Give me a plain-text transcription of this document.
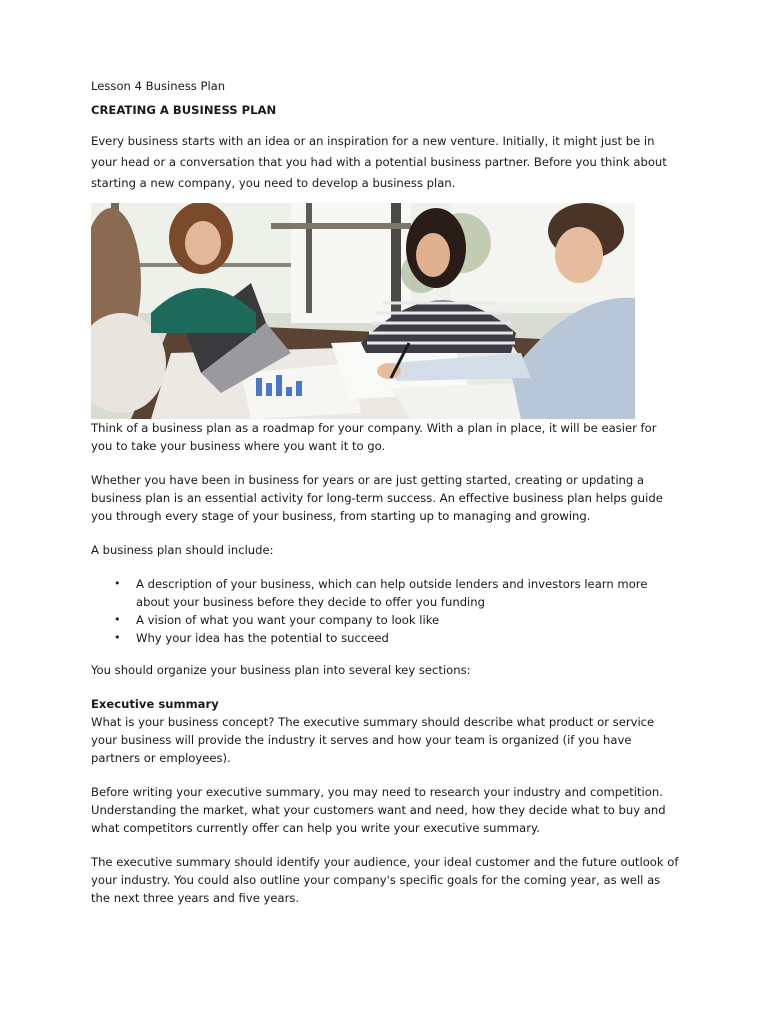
Lesson 4 Business Plan

CREATING A BUSINESS PLAN

Every business starts with an idea or an inspiration for a new venture. Initially, it might just be in your head or a conversation that you had with a potential business partner. Before you think about starting a new company, you need to develop a business plan.

Think of a business plan as a roadmap for your company. With a plan in place, it will be easier for you to take your business where you want it to go.

Whether you have been in business for years or are just getting started, creating or updating a business plan is an essential activity for long-term success. An effective business plan helps guide you through every stage of your business, from starting up to managing and growing.

A business plan should include:

• A description of your business, which can help outside lenders and investors learn more about your business before they decide to offer you funding
• A vision of what you want your company to look like
• Why your idea has the potential to succeed

You should organize your business plan into several key sections:

Executive summary

What is your business concept? The executive summary should describe what product or service your business will provide the industry it serves and how your team is organized (if you have partners or employees).

Before writing your executive summary, you may need to research your industry and competition. Understanding the market, what your customers want and need, how they decide what to buy and what competitors currently offer can help you write your executive summary.

The executive summary should identify your audience, your ideal customer and the future outlook of your industry. You could also outline your company's specific goals for the coming year, as well as the next three years and five years.
